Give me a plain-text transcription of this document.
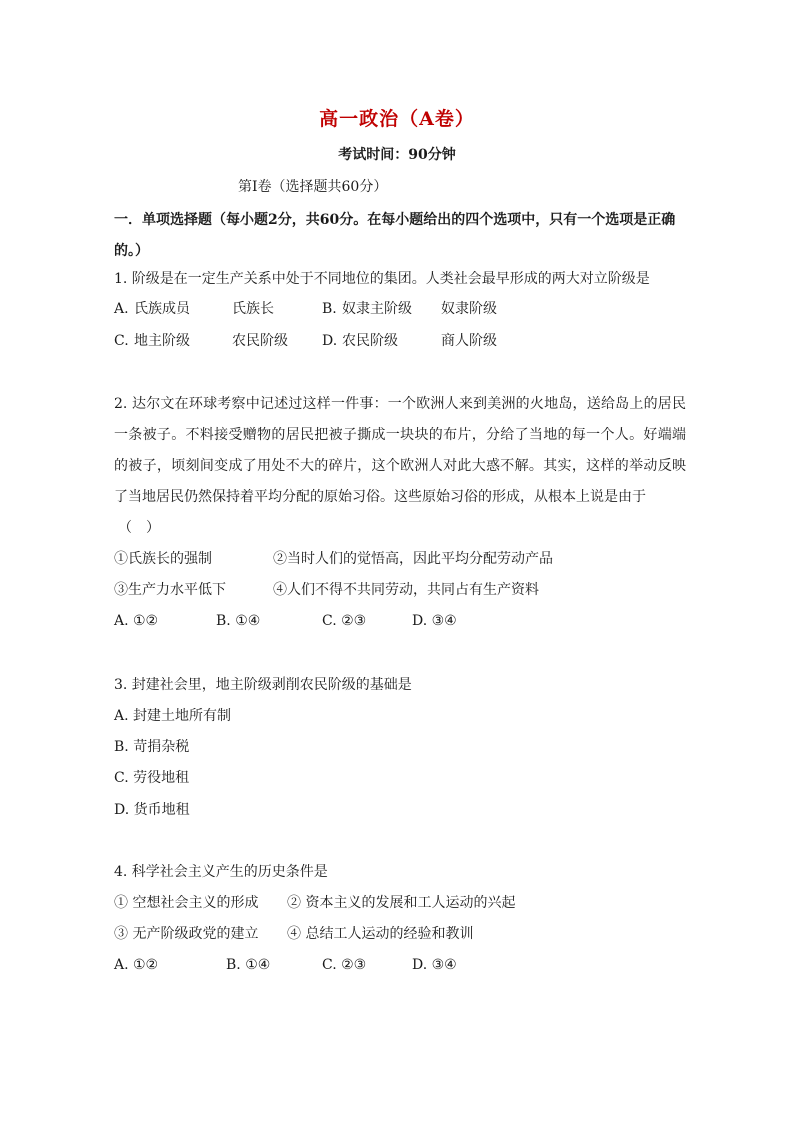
高一政治（A卷）
考试时间：90分钟
第Ⅰ卷（选择题共60分）
一．单项选择题（每小题2分，共60分。在每小题给出的四个选项中，只有一个选项是正确的。）
1. 阶级是在一定生产关系中处于不同地位的集团。人类社会最早形成的两大对立阶级是
A. 氏族成员	氏族长	B. 奴隶主阶级 奴隶阶级
C. 地主阶级	农民阶级 D. 农民阶级	商人阶级
2. 达尔文在环球考察中记述过这样一件事：一个欧洲人来到美洲的火地岛，送给岛上的居民一条被子。不料接受赠物的居民把被子撕成一块块的布片，分给了当地的每一个人。好端端的被子，顷刻间变成了用处不大的碎片，这个欧洲人对此大惑不解。其实，这样的举动反映了当地居民仍然保持着平均分配的原始习俗。这些原始习俗的形成，从根本上说是由于
（　）
①氏族长的强制	②当时人们的觉悟高，因此平均分配劳动产品
③生产力水平低下	④人们不得不共同劳动，共同占有生产资料
A. ①②	B. ①④	C. ②③	D. ③④
3. 封建社会里，地主阶级剥削农民阶级的基础是
A. 封建土地所有制
B. 苛捐杂税
C. 劳役地租
D. 货币地租
4. 科学社会主义产生的历史条件是
① 空想社会主义的形成 ② 资本主义的发展和工人运动的兴起
③ 无产阶级政党的建立 ④ 总结工人运动的经验和教训
A. ①②	B. ①④	C. ②③	D. ③④
